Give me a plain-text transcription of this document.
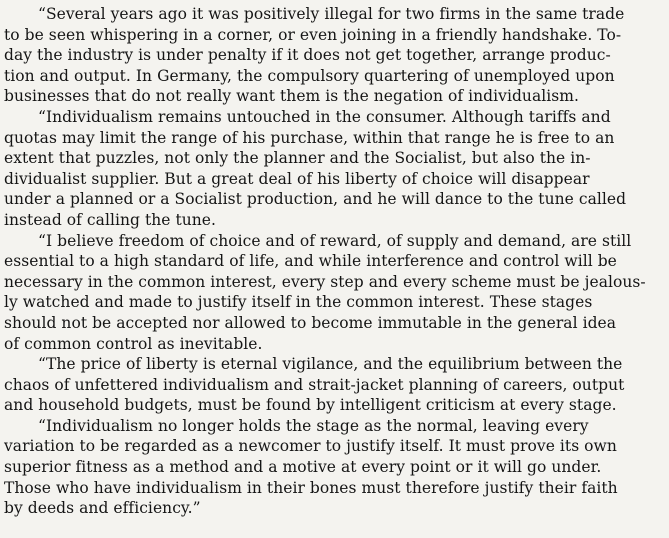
“Several years ago it was positively illegal for two firms in the same trade
to be seen whispering in a corner, or even joining in a friendly handshake. To-
day the industry is under penalty if it does not get together, arrange produc-
tion and output. In Germany, the compulsory quartering of unemployed upon
businesses that do not really want them is the negation of individualism.
“Individualism remains untouched in the consumer. Although tariffs and
quotas may limit the range of his purchase, within that range he is free to an
extent that puzzles, not only the planner and the Socialist, but also the in-
dividualist supplier. But a great deal of his liberty of choice will disappear
under a planned or a Socialist production, and he will dance to the tune called
instead of calling the tune.
“I believe freedom of choice and of reward, of supply and demand, are still
essential to a high standard of life, and while interference and control will be
necessary in the common interest, every step and every scheme must be jealous-
ly watched and made to justify itself in the common interest. These stages
should not be accepted nor allowed to become immutable in the general idea
of common control as inevitable.
“The price of liberty is eternal vigilance, and the equilibrium between the
chaos of unfettered individualism and strait-jacket planning of careers, output
and household budgets, must be found by intelligent criticism at every stage.
“Individualism no longer holds the stage as the normal, leaving every
variation to be regarded as a newcomer to justify itself. It must prove its own
superior fitness as a method and a motive at every point or it will go under.
Those who have individualism in their bones must therefore justify their faith
by deeds and efficiency.”
